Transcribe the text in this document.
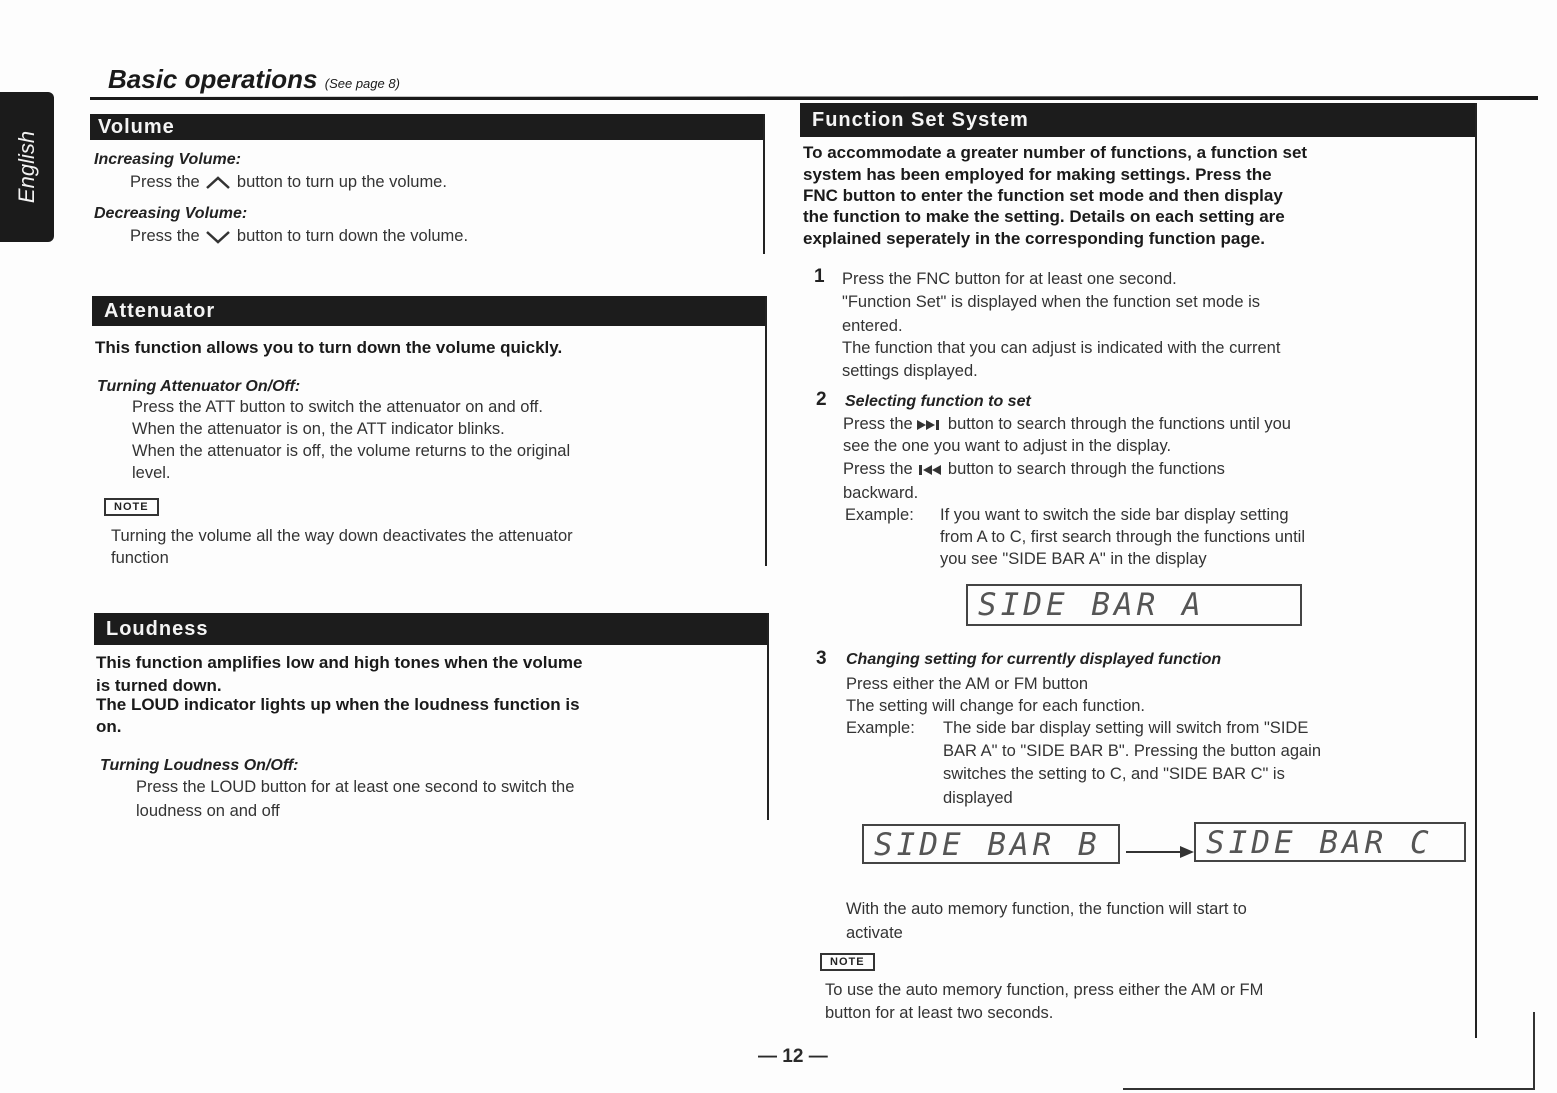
English
Basic operations (See page 8)
Volume
Increasing Volume:
Press the button to turn up the volume.
Decreasing Volume:
Press the button to turn down the volume.
Attenuator
This function allows you to turn down the volume quickly.
Turning Attenuator On/Off:
Press the ATT button to switch the attenuator on and off.
When the attenuator is on, the ATT indicator blinks.
When the attenuator is off, the volume returns to the original
level.
NOTE
Turning the volume all the way down deactivates the attenuator
function
Loudness
This function amplifies low and high tones when the volume
is turned down.
The LOUD indicator lights up when the loudness function is
on.
Turning Loudness On/Off:
Press the LOUD button for at least one second to switch the
loudness on and off
Function Set System
To accommodate a greater number of functions, a function set
system has been employed for making settings. Press the
FNC button to enter the function set mode and then display
the function to make the setting. Details on each setting are
explained seperately in the corresponding function page.
1 Press the FNC button for at least one second.
"Function Set" is displayed when the function set mode is
entered.
The function that you can adjust is indicated with the current
settings displayed.
2 Selecting function to set
Press the button to search through the functions until you
see the one you want to adjust in the display.
Press the button to search through the functions
backward.
Example: If you want to switch the side bar display setting
from A to C, first search through the functions until
you see "SIDE BAR A" in the display
SIDE BAR A
3 Changing setting for currently displayed function
Press either the AM or FM button
The setting will change for each function.
Example: The side bar display setting will switch from "SIDE
BAR A" to "SIDE BAR B". Pressing the button again
switches the setting to C, and "SIDE BAR C" is
displayed
SIDE BAR B	SIDE BAR C
With the auto memory function, the function will start to
activate
NOTE
To use the auto memory function, press either the AM or FM
button for at least two seconds.
— 12 —
